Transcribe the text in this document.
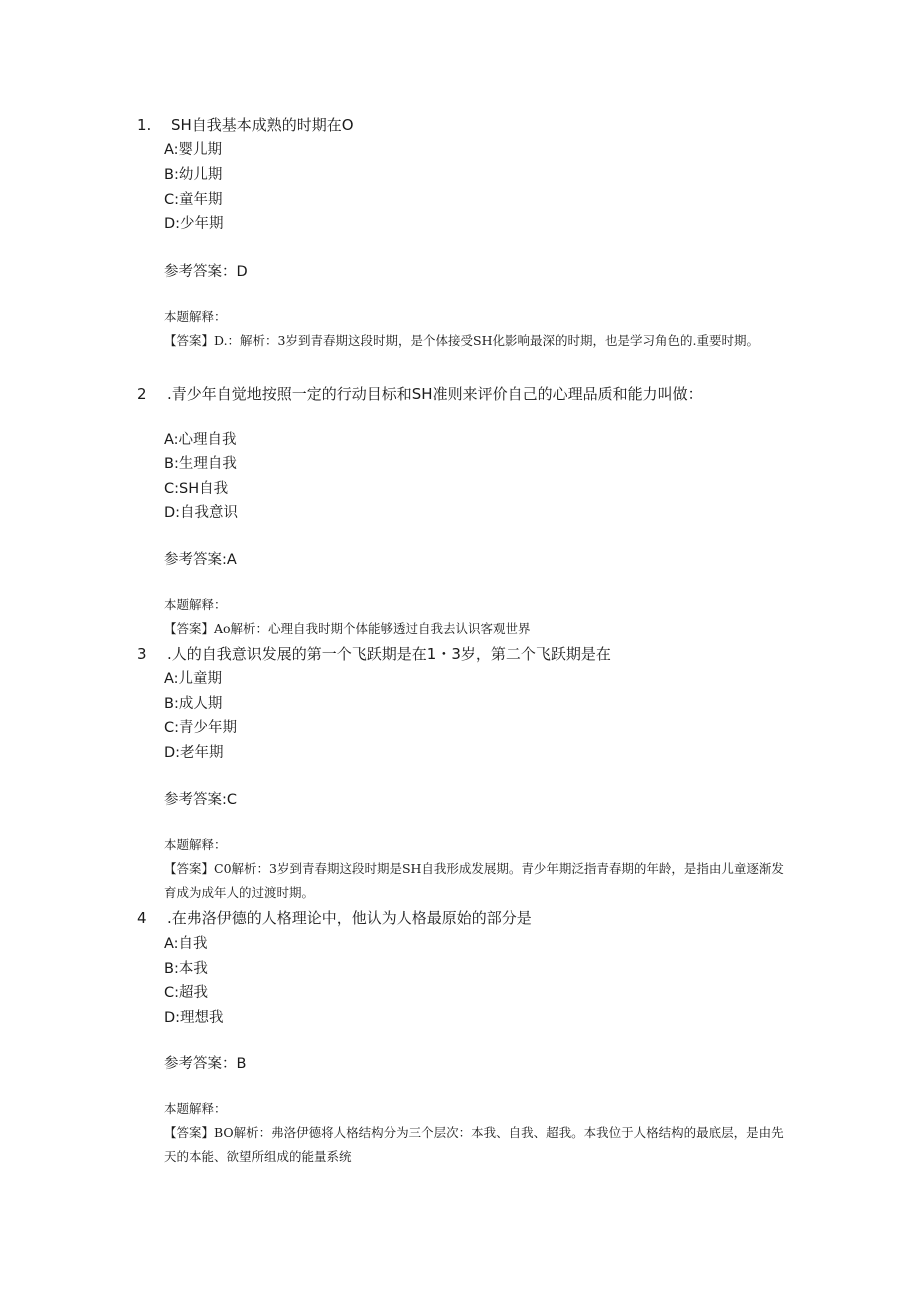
1. SH自我基本成熟的时期在O
A:婴儿期
B:幼儿期
C:童年期
D:少年期
参考答案：D
本题解释：
【答案】D.：解析：3岁到青春期这段时期，是个体接受SH化影响最深的时期，也是学习角色的.重要时期。
2 .青少年自觉地按照一定的行动目标和SH准则来评价自己的心理品质和能力叫做：
A:心理自我
B:生理自我
C:SH自我
D:自我意识
参考答案:A
本题解释：
【答案】Ao解析：心理自我时期个体能够透过自我去认识客观世界
3 .人的自我意识发展的第一个飞跃期是在1・3岁，第二个飞跃期是在
A:儿童期
B:成人期
C:青少年期
D:老年期
参考答案:C
本题解释：
【答案】C0解析：3岁到青春期这段时期是SH自我形成发展期。青少年期泛指青春期的年龄，是指由儿童逐渐发育成为成年人的过渡时期。
4 .在弗洛伊德的人格理论中，他认为人格最原始的部分是
A:自我
B:本我
C:超我
D:理想我
参考答案：B
本题解释：
【答案】BO解析：弗洛伊德将人格结构分为三个层次：本我、自我、超我。本我位于人格结构的最底层，是由先天的本能、欲望所组成的能量系统
